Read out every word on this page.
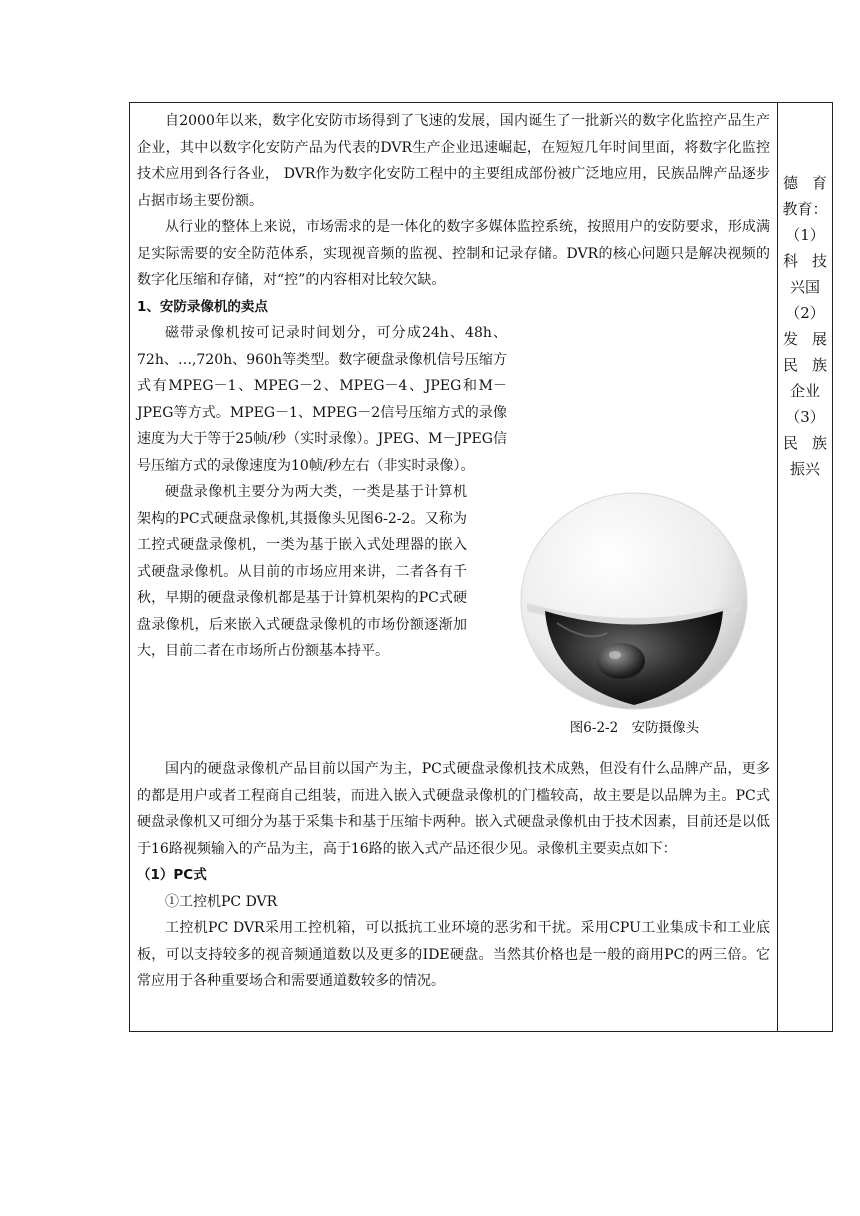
自2000年以来，数字化安防市场得到了飞速的发展，国内诞生了一批新兴的数字化监控产品生产企业，其中以数字化安防产品为代表的DVR生产企业迅速崛起，在短短几年时间里面，将数字化监控技术应用到各行各业， DVR作为数字化安防工程中的主要组成部份被广泛地应用，民族品牌产品逐步占据市场主要份额。

从行业的整体上来说，市场需求的是一体化的数字多媒体监控系统，按照用户的安防要求，形成满足实际需要的安全防范体系，实现视音频的监视、控制和记录存储。DVR的核心问题只是解决视频的数字化压缩和存储，对“控”的内容相对比较欠缺。

1、安防录像机的卖点

磁带录像机按可记录时间划分，可分成24h、48h、72h、…,720h、960h等类型。数字硬盘录像机信号压缩方式有MPEG－1、MPEG－2、MPEG－4、JPEG和M－JPEG等方式。MPEG－1、MPEG－2信号压缩方式的录像速度为大于等于25帧/秒（实时录像）。JPEG、M－JPEG信号压缩方式的录像速度为10帧/秒左右（非实时录像）。

硬盘录像机主要分为两大类，一类是基于计算机架构的PC式硬盘录像机,其摄像头见图6-2-2。又称为工控式硬盘录像机，一类为基于嵌入式处理器的嵌入式硬盘录像机。从目前的市场应用来讲，二者各有千秋，早期的硬盘录像机都是基于计算机架构的PC式硬盘录像机，后来嵌入式硬盘录像机的市场份额逐渐加大，目前二者在市场所占份额基本持平。

图6-2-2　安防摄像头

国内的硬盘录像机产品目前以国产为主，PC式硬盘录像机技术成熟，但没有什么品牌产品，更多的都是用户或者工程商自己组装，而进入嵌入式硬盘录像机的门槛较高，故主要是以品牌为主。PC式硬盘录像机又可细分为基于采集卡和基于压缩卡两种。嵌入式硬盘录像机由于技术因素，目前还是以低于16路视频输入的产品为主，高于16路的嵌入式产品还很少见。录像机主要卖点如下：

（1）PC式

①工控机PC DVR

工控机PC DVR采用工控机箱，可以抵抗工业环境的恶劣和干扰。采用CPU工业集成卡和工业底板，可以支持较多的视音频通道数以及更多的IDE硬盘。当然其价格也是一般的商用PC的两三倍。它常应用于各种重要场合和需要通道数较多的情况。

德 育
教育：
（1）
科 技
兴国
（2）
发 展
民 族
企业
（3）
民 族
振兴
